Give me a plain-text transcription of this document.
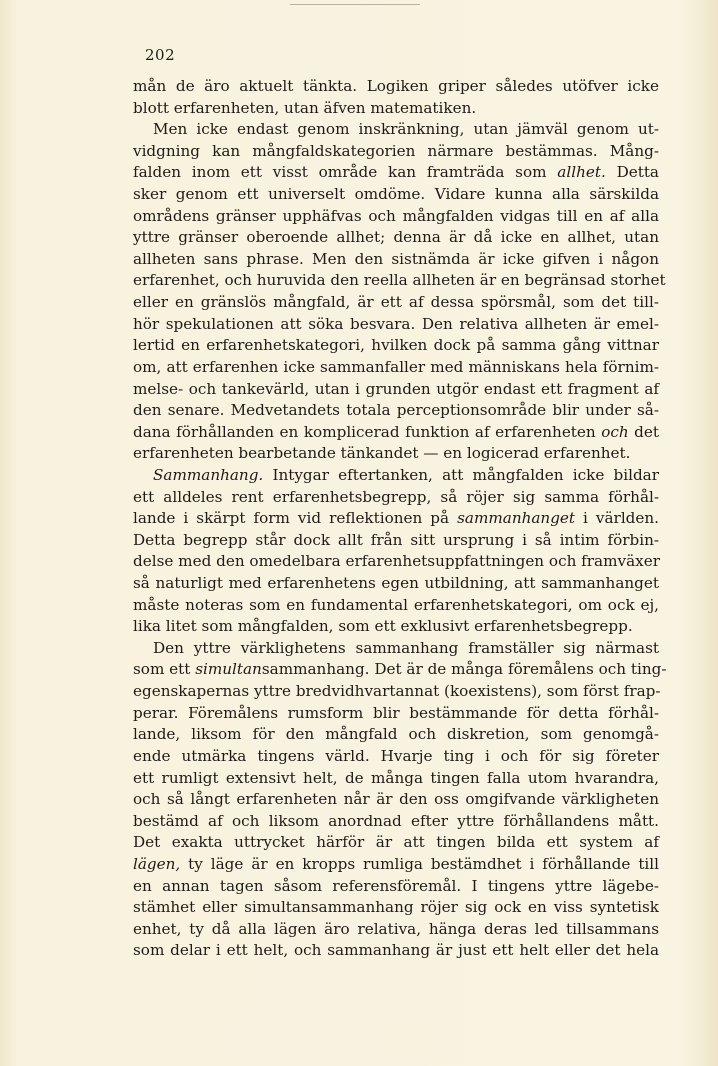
202
mån de äro aktuelt tänkta. Logiken griper således utöfver icke
blott erfarenheten, utan äfven matematiken.
Men icke endast genom inskränkning, utan jämväl genom ut-
vidgning kan mångfaldskategorien närmare bestämmas. Mång-
falden inom ett visst område kan framträda som allhet. Detta
sker genom ett universelt omdöme. Vidare kunna alla särskilda
områdens gränser upphäfvas och mångfalden vidgas till en af alla
yttre gränser oberoende allhet; denna är då icke en allhet, utan
allheten sans phrase. Men den sistnämda är icke gifven i någon
erfarenhet, och huruvida den reella allheten är en begränsad storhet
eller en gränslös mångfald, är ett af dessa spörsmål, som det till-
hör spekulationen att söka besvara. Den relativa allheten är emel-
lertid en erfarenhetskategori, hvilken dock på samma gång vittnar
om, att erfarenhen icke sammanfaller med människans hela förnim-
melse- och tankevärld, utan i grunden utgör endast ett fragment af
den senare. Medvetandets totala perceptionsområde blir under så-
dana förhållanden en komplicerad funktion af erfarenheten och det
erfarenheten bearbetande tänkandet — en logicerad erfarenhet.
Sammanhang. Intygar eftertanken, att mångfalden icke bildar
ett alldeles rent erfarenhetsbegrepp, så röjer sig samma förhål-
lande i skärpt form vid reflektionen på sammanhanget i världen.
Detta begrepp står dock allt från sitt ursprung i så intim förbin-
delse med den omedelbara erfarenhetsuppfattningen och framväxer
så naturligt med erfarenhetens egen utbildning, att sammanhanget
måste noteras som en fundamental erfarenhetskategori, om ock ej,
lika litet som mångfalden, som ett exklusivt erfarenhetsbegrepp.
Den yttre värklighetens sammanhang framställer sig närmast
som ett simultansammanhang. Det är de många föremålens och ting-
egenskapernas yttre bredvidhvartannat (koexistens), som först frap-
perar. Föremålens rumsform blir bestämmande för detta förhål-
lande, liksom för den mångfald och diskretion, som genomgå-
ende utmärka tingens värld. Hvarje ting i och för sig företer
ett rumligt extensivt helt, de många tingen falla utom hvarandra,
och så långt erfarenheten når är den oss omgifvande värkligheten
bestämd af och liksom anordnad efter yttre förhållandens mått.
Det exakta uttrycket härför är att tingen bilda ett system af
lägen, ty läge är en kropps rumliga bestämdhet i förhållande till
en annan tagen såsom referensföremål. I tingens yttre lägebe-
stämhet eller simultansammanhang röjer sig ock en viss syntetisk
enhet, ty då alla lägen äro relativa, hänga deras led tillsammans
som delar i ett helt, och sammanhang är just ett helt eller det hela
